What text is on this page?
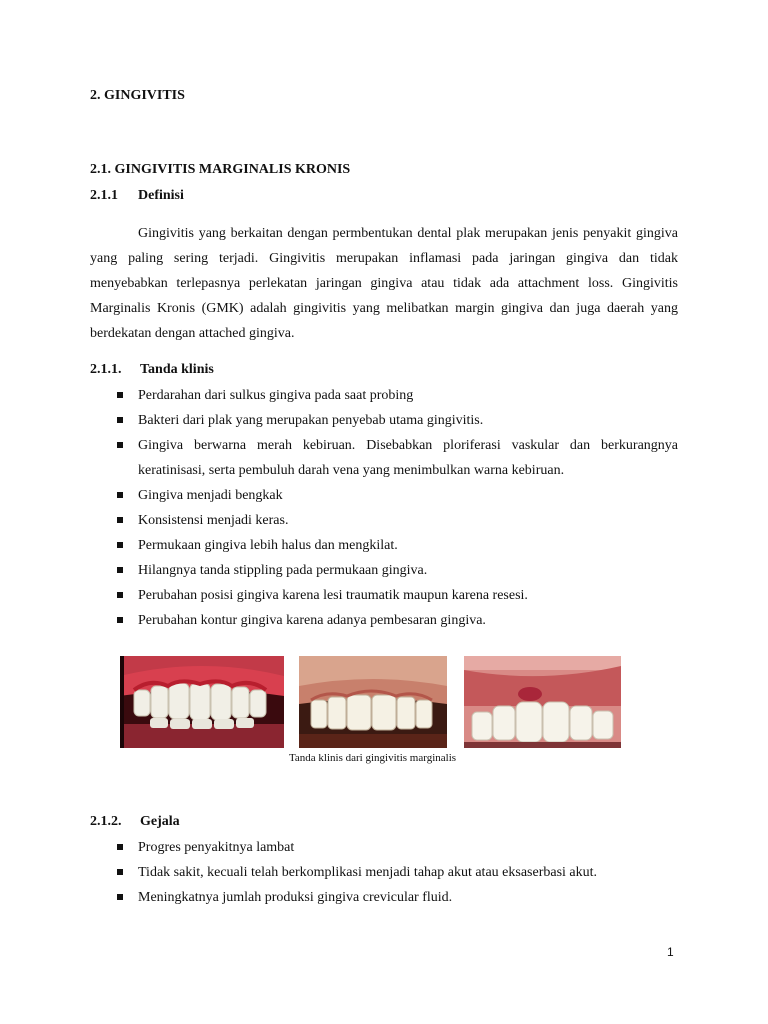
2. GINGIVITIS
2.1. GINGIVITIS MARGINALIS KRONIS
2.1.1 Definisi
Gingivitis yang berkaitan dengan permbentukan dental plak merupakan jenis penyakit gingiva yang paling sering terjadi. Gingivitis merupakan inflamasi pada jaringan gingiva dan tidak menyebabkan terlepasnya perlekatan jaringan gingiva atau tidak ada attachment loss. Gingivitis Marginalis Kronis (GMK) adalah gingivitis yang melibatkan margin gingiva dan juga daerah yang berdekatan dengan attached gingiva.
2.1.1. Tanda klinis
Perdarahan dari sulkus gingiva pada saat probing
Bakteri dari plak yang merupakan penyebab utama gingivitis.
Gingiva berwarna merah kebiruan. Disebabkan ploriferasi vaskular dan berkurangnya keratinisasi, serta pembuluh darah vena yang menimbulkan warna kebiruan.
Gingiva menjadi bengkak
Konsistensi menjadi keras.
Permukaan gingiva lebih halus dan mengkilat.
Hilangnya tanda stippling pada permukaan gingiva.
Perubahan posisi gingiva karena lesi traumatik maupun karena resesi.
Perubahan kontur gingiva karena adanya pembesaran gingiva.
Tanda klinis dari gingivitis marginalis
2.1.2. Gejala
Progres penyakitnya lambat
Tidak sakit, kecuali telah berkomplikasi menjadi tahap akut atau eksaserbasi akut.
Meningkatnya jumlah produksi gingiva crevicular fluid.
1
